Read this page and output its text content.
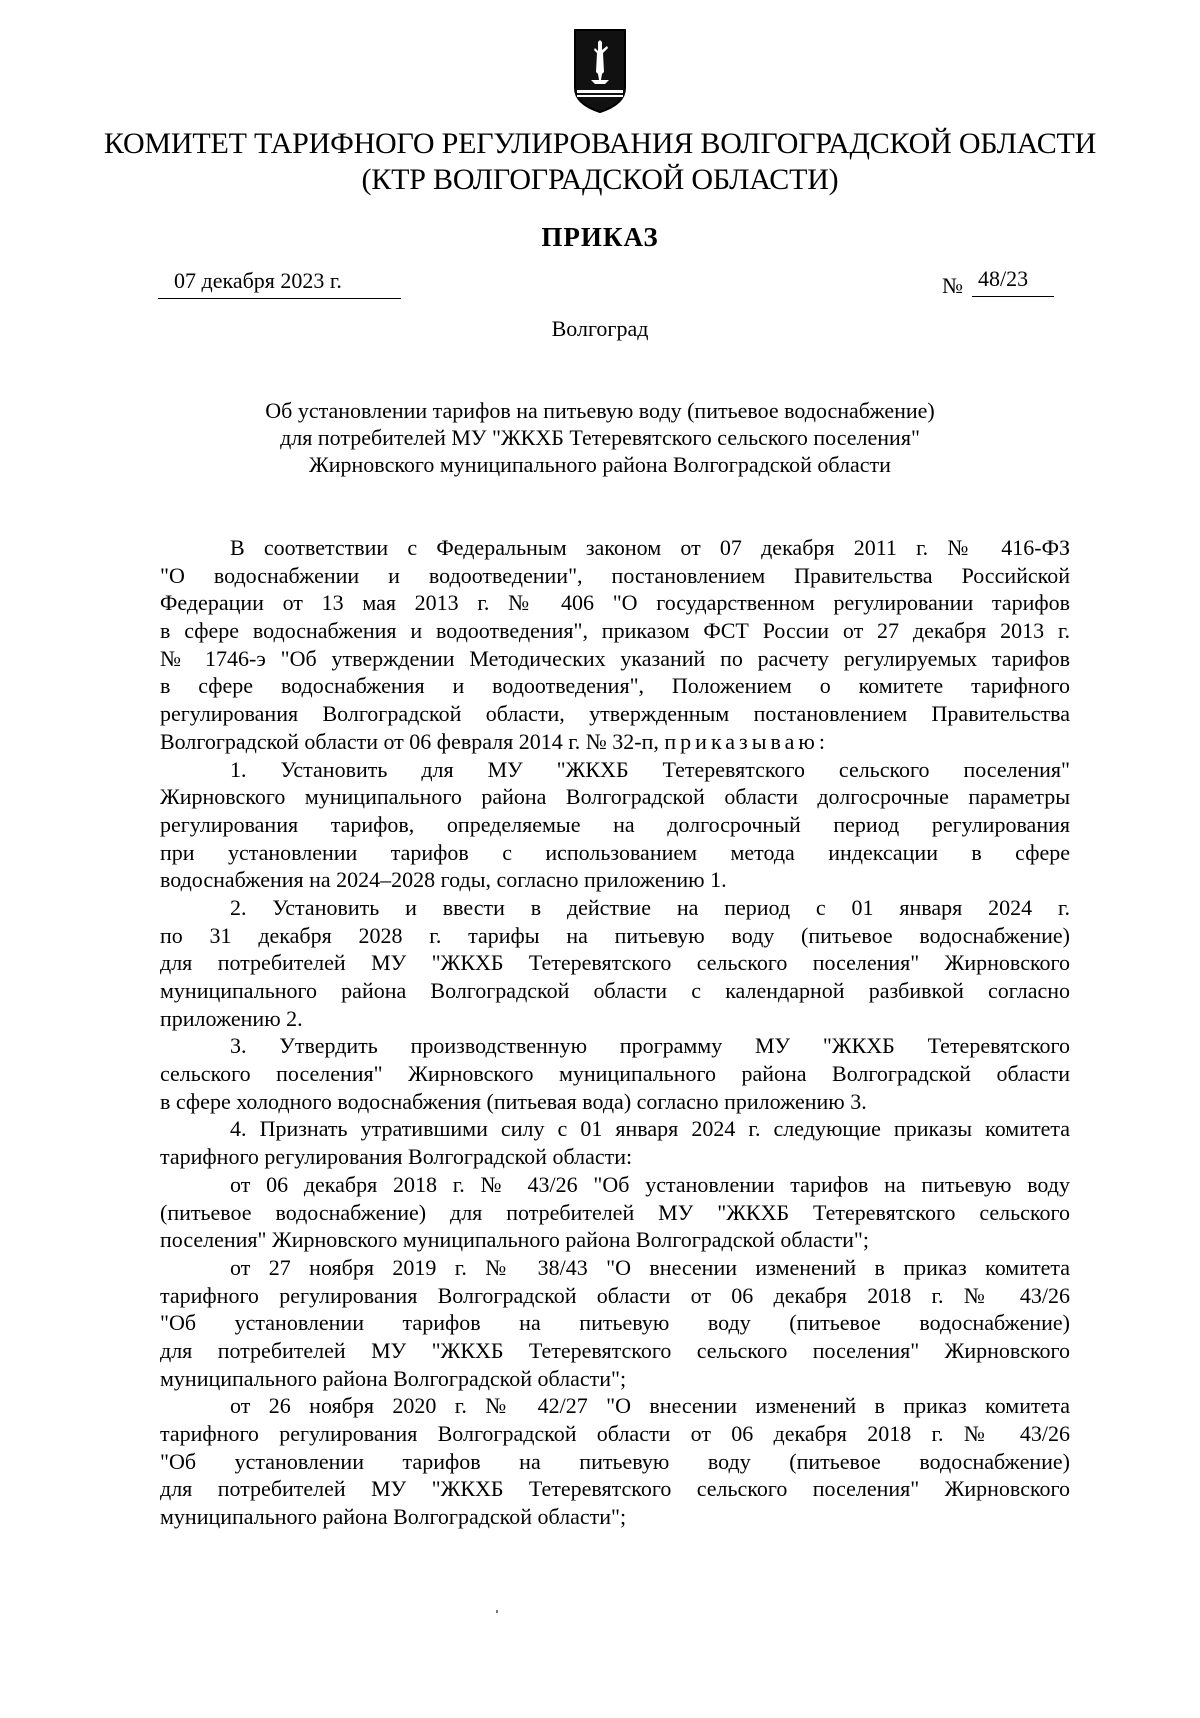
КОМИТЕТ ТАРИФНОГО РЕГУЛИРОВАНИЯ ВОЛГОГРАДСКОЙ ОБЛАСТИ
(КТР ВОЛГОГРАДСКОЙ ОБЛАСТИ)
ПРИКАЗ
07 декабря 2023 г.	№ 48/23
Волгоград
Об установлении тарифов на питьевую воду (питьевое водоснабжение)
для потребителей МУ "ЖКХБ Тетеревятского сельского поселения"
Жирновского муниципального района Волгоградской области
В соответствии с Федеральным законом от 07 декабря 2011 г. № 416-ФЗ
"О водоснабжении и водоотведении", постановлением Правительства Российской
Федерации от 13 мая 2013 г. № 406 "О государственном регулировании тарифов
в сфере водоснабжения и водоотведения", приказом ФСТ России от 27 декабря 2013 г.
№ 1746-э "Об утверждении Методических указаний по расчету регулируемых тарифов
в сфере водоснабжения и водоотведения", Положением о комитете тарифного
регулирования Волгоградской области, утвержденным постановлением Правительства
Волгоградской области от 06 февраля 2014 г. № 32-п, приказываю:
1. Установить для МУ "ЖКХБ Тетеревятского сельского поселения"
Жирновского муниципального района Волгоградской области долгосрочные параметры
регулирования тарифов, определяемые на долгосрочный период регулирования
при установлении тарифов с использованием метода индексации в сфере
водоснабжения на 2024–2028 годы, согласно приложению 1.
2. Установить и ввести в действие на период с 01 января 2024 г.
по 31 декабря 2028 г. тарифы на питьевую воду (питьевое водоснабжение)
для потребителей МУ "ЖКХБ Тетеревятского сельского поселения" Жирновского
муниципального района Волгоградской области с календарной разбивкой согласно
приложению 2.
3. Утвердить производственную программу МУ "ЖКХБ Тетеревятского
сельского поселения" Жирновского муниципального района Волгоградской области
в сфере холодного водоснабжения (питьевая вода) согласно приложению 3.
4. Признать утратившими силу с 01 января 2024 г. следующие приказы комитета
тарифного регулирования Волгоградской области:
от 06 декабря 2018 г. № 43/26 "Об установлении тарифов на питьевую воду
(питьевое водоснабжение) для потребителей МУ "ЖКХБ Тетеревятского сельского
поселения" Жирновского муниципального района Волгоградской области";
от 27 ноября 2019 г. № 38/43 "О внесении изменений в приказ комитета
тарифного регулирования Волгоградской области от 06 декабря 2018 г. № 43/26
"Об установлении тарифов на питьевую воду (питьевое водоснабжение)
для потребителей МУ "ЖКХБ Тетеревятского сельского поселения" Жирновского
муниципального района Волгоградской области";
от 26 ноября 2020 г. № 42/27 "О внесении изменений в приказ комитета
тарифного регулирования Волгоградской области от 06 декабря 2018 г. № 43/26
"Об установлении тарифов на питьевую воду (питьевое водоснабжение)
для потребителей МУ "ЖКХБ Тетеревятского сельского поселения" Жирновского
муниципального района Волгоградской области";
